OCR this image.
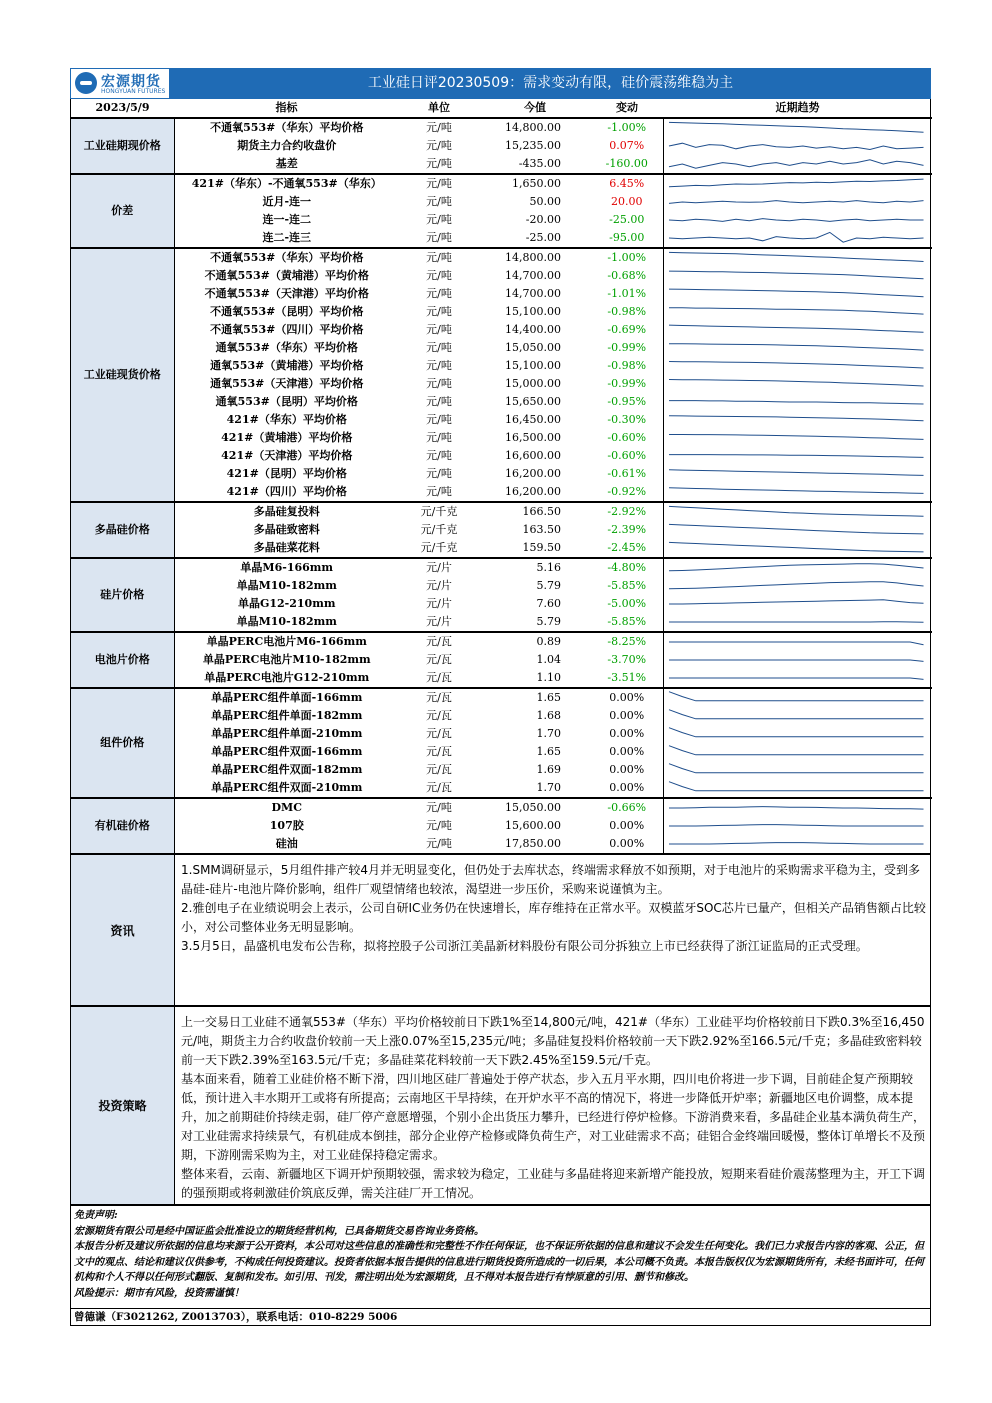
宏源期货
HONGYUAN FUTURES
工业硅日评20230509：需求变动有限，硅价震荡维稳为主
2023/5/9	指标	单位	今值	变动	近期趋势
工业硅期现价格	不通氧553#（华东）平均价格	元/吨	14,800.00	-1.00%	

	期货主力合约收盘价	元/吨	15,235.00	0.07%	

	基差	元/吨	-435.00	-160.00	

价差	421#（华东）-不通氧553#（华东）	元/吨	1,650.00	6.45%	

	近月-连一	元/吨	50.00	20.00	

	连一-连二	元/吨	-20.00	-25.00	

	连二-连三	元/吨	-25.00	-95.00	

工业硅现货价格	不通氧553#（华东）平均价格	元/吨	14,800.00	-1.00%	

	不通氧553#（黄埔港）平均价格	元/吨	14,700.00	-0.68%	

	不通氧553#（天津港）平均价格	元/吨	14,700.00	-1.01%	

	不通氧553#（昆明）平均价格	元/吨	15,100.00	-0.98%	

	不通氧553#（四川）平均价格	元/吨	14,400.00	-0.69%	

	通氧553#（华东）平均价格	元/吨	15,050.00	-0.99%	

	通氧553#（黄埔港）平均价格	元/吨	15,100.00	-0.98%	

	通氧553#（天津港）平均价格	元/吨	15,000.00	-0.99%	

	通氧553#（昆明）平均价格	元/吨	15,650.00	-0.95%	

	421#（华东）平均价格	元/吨	16,450.00	-0.30%	

	421#（黄埔港）平均价格	元/吨	16,500.00	-0.60%	

	421#（天津港）平均价格	元/吨	16,600.00	-0.60%	

	421#（昆明）平均价格	元/吨	16,200.00	-0.61%	

	421#（四川）平均价格	元/吨	16,200.00	-0.92%	

多晶硅价格	多晶硅复投料	元/千克	166.50	-2.92%	

	多晶硅致密料	元/千克	163.50	-2.39%	

	多晶硅菜花料	元/千克	159.50	-2.45%	

硅片价格	单晶M6-166mm	元/片	5.16	-4.80%	

	单晶M10-182mm	元/片	5.79	-5.85%	

	单晶G12-210mm	元/片	7.60	-5.00%	

	单晶M10-182mm	元/片	5.79	-5.85%	

电池片价格	单晶PERC电池片M6-166mm	元/瓦	0.89	-8.25%	

	单晶PERC电池片M10-182mm	元/瓦	1.04	-3.70%	

	单晶PERC电池片G12-210mm	元/瓦	1.10	-3.51%	

组件价格	单晶PERC组件单面-166mm	元/瓦	1.65	0.00%	

	单晶PERC组件单面-182mm	元/瓦	1.68	0.00%	

	单晶PERC组件单面-210mm	元/瓦	1.70	0.00%	

	单晶PERC组件双面-166mm	元/瓦	1.65	0.00%	

	单晶PERC组件双面-182mm	元/瓦	1.69	0.00%	

	单晶PERC组件双面-210mm	元/瓦	1.70	0.00%	

有机硅价格	DMC	元/吨	15,050.00	-0.66%	

	107胶	元/吨	15,600.00	0.00%	

	硅油	元/吨	17,850.00	0.00%	
资讯
1.SMM调研显示，5月组件排产较4月并无明显变化，但仍处于去库状态，终端需求释放不如预期，对于电池片的采购需求平稳为主，受到多晶硅-硅片-电池片降价影响，组件厂观望情绪也较浓，渴望进一步压价，采购来说谨慎为主。
2.雅创电子在业绩说明会上表示，公司自研IC业务仍在快速增长，库存维持在正常水平。双模蓝牙SOC芯片已量产，但相关产品销售额占比较小，对公司整体业务无明显影响。
3.5月5日，晶盛机电发布公告称，拟将控股子公司浙江美晶新材料股份有限公司分拆独立上市已经获得了浙江证监局的正式受理。
投资策略
上一交易日工业硅不通氧553#（华东）平均价格较前日下跌1%至14,800元/吨，421#（华东）工业硅平均价格较前日下跌0.3%至16,450元/吨，期货主力合约收盘价较前一天上涨0.07%至15,235元/吨；多晶硅复投料价格较前一天下跌2.92%至166.5元/千克；多晶硅致密料较前一天下跌2.39%至163.5元/千克；多晶硅菜花料较前一天下跌2.45%至159.5元/千克。
基本面来看，随着工业硅价格不断下滑，四川地区硅厂普遍处于停产状态，步入五月平水期，四川电价将进一步下调，目前硅企复产预期较低，预计进入丰水期开工或将有所提高；云南地区干旱持续，在开炉水平不高的情况下，将进一步降低开炉率；新疆地区电价调整，成本提升，加之前期硅价持续走弱，硅厂停产意愿增强，个别小企出货压力攀升，已经进行停炉检修。下游消费来看，多晶硅企业基本满负荷生产，对工业硅需求持续景气，有机硅成本倒挂，部分企业停产检修或降负荷生产，对工业硅需求不高；硅铝合金终端回暖慢，整体订单增长不及预期，下游刚需采购为主，对工业硅保持稳定需求。
整体来看，云南、新疆地区下调开炉预期较强，需求较为稳定，工业硅与多晶硅将迎来新增产能投放，短期来看硅价震荡整理为主，开工下调的强预期或将刺激硅价筑底反弹，需关注硅厂开工情况。
免责声明:
宏源期货有限公司是经中国证监会批准设立的期货经营机构，已具备期货交易咨询业务资格。
本报告分析及建议所依据的信息均来源于公开资料，本公司对这些信息的准确性和完整性不作任何保证，也不保证所依据的信息和建议不会发生任何变化。我们已力求报告内容的客观、公正，但文中的观点、结论和建议仅供参考，不构成任何投资建议。投资者依据本报告提供的信息进行期货投资所造成的一切后果，本公司概不负责。本报告版权仅为宏源期货所有，未经书面许可，任何机构和个人不得以任何形式翻版、复制和发布。如引用、刊发，需注明出处为宏源期货，且不得对本报告进行有悖原意的引用、删节和修改。
风险提示：期市有风险，投资需谨慎！
曾德谦（F3021262, Z0013703），联系电话：010-8229 5006
